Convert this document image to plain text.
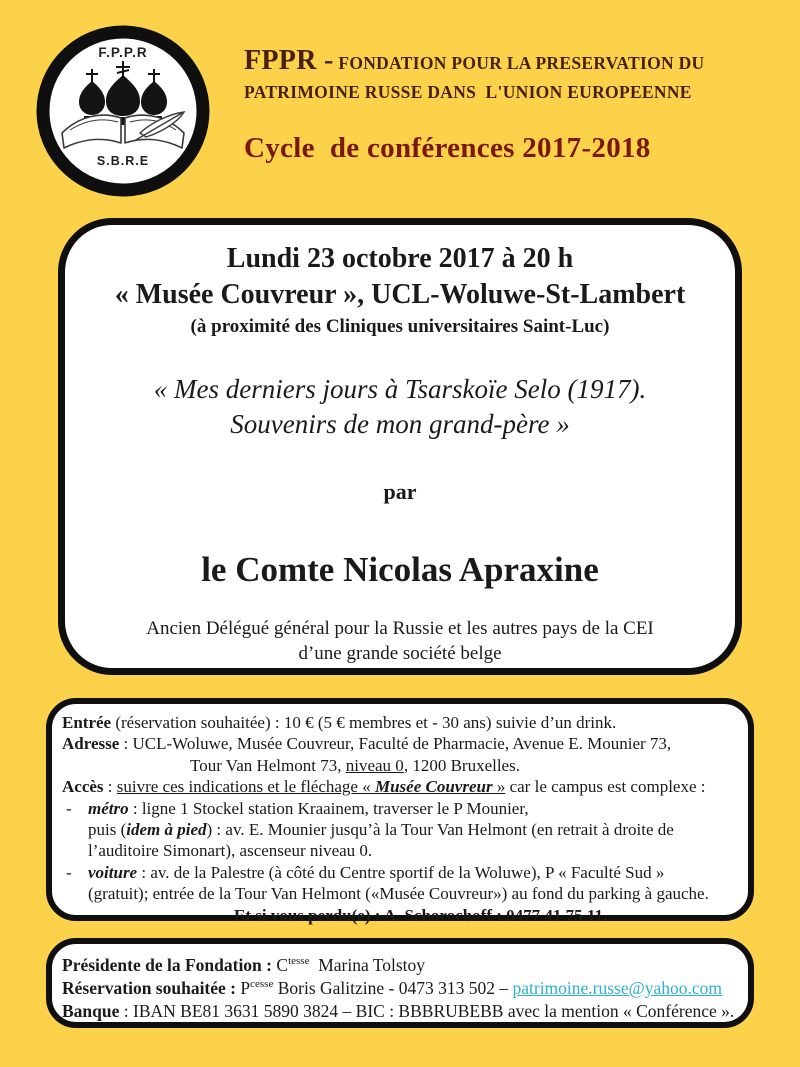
F.P.P.R
S.B.R.E
FPPR - FONDATION POUR LA PRESERVATION DU
PATRIMOINE RUSSE DANS  L'UNION EUROPEENNE
Cycle  de conférences 2017-2018
Lundi 23 octobre 2017 à 20 h
« Musée Couvreur », UCL-Woluwe-St-Lambert
(à proximité des Cliniques universitaires Saint-Luc)
« Mes derniers jours à Tsarskoïe Selo (1917).
Souvenirs de mon grand-père »
par
le Comte Nicolas Apraxine
Ancien Délégué général pour la Russie et les autres pays de la CEI
d’une grande société belge

Entrée (réservation souhaitée) : 10 € (5 € membres et - 30 ans) suivie d’un drink.

Adresse : UCL-Woluwe, Musée Couvreur, Faculté de Pharmacie, Avenue E. Mounier 73,

Tour Van Helmont 73, niveau 0, 1200 Bruxelles.

Accès : suivre ces indications et le fléchage « Musée Couvreur » car le campus est complexe :

- métro : ligne 1 Stockel station Kraainem, traverser le P Mounier,

puis (idem à pied) : av. E. Mounier jusqu’à la Tour Van Helmont (en retrait à droite de

l’auditoire Simonart), ascenseur niveau 0.

- voiture : av. de la Palestre (à côté du Centre sportif de la Woluwe), P « Faculté Sud »

(gratuit); entrée de la Tour Van Helmont («Musée Couvreur») au fond du parking à gauche.

Et si vous perdu(e) : A. Schorochoff : 0477 41 75 11.

Présidente de la Fondation : $C^{tesse}$  Marina Tolstoy

Réservation souhaitée : $P^{cesse}$ Boris Galitzine - 0473 313 502 – patrimoine.russe@yahoo.com

Banque : IBAN BE81 3631 5890 3824 – BIC : BBBRUBEBB avec la mention « Conférence ».
